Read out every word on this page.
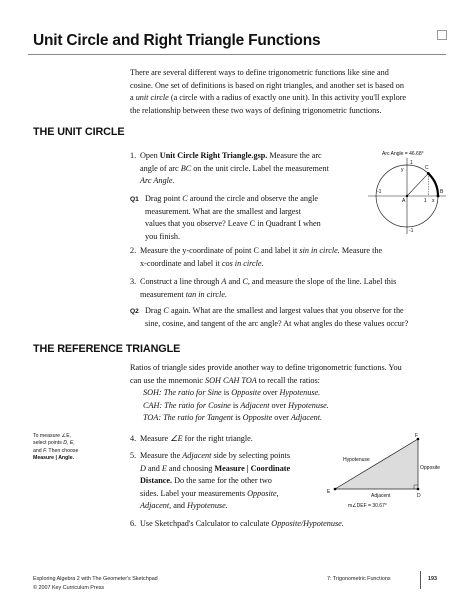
Unit Circle and Right Triangle Functions
There are several different ways to define trigonometric functions like sine and
cosine. One set of definitions is based on right triangles, and another set is based on
a unit circle (a circle with a radius of exactly one unit). In this activity you'll explore
the relationship between these two ways of defining trigonometric functions.
THE UNIT CIRCLE
1. Open Unit Circle Right Triangle.gsp. Measure the arc
angle of arc BC on the unit circle. Label the measurement
Arc Angle.
Q1 Drag point C around the circle and observe the angle
measurement. What are the smallest and largest
values that you observe? Leave C in Quadrant I when
you finish.
Arc Angle = 46.68°
C
B
A	x
y
1
-1
1
-1
2. Measure the y-coordinate of point C and label it sin in circle. Measure the
x-coordinate and label it cos in circle.
3. Construct a line through A and C, and measure the slope of the line. Label this
measurement tan in circle.
Q2 Drag C again. What are the smallest and largest values that you observe for the
sine, cosine, and tangent of the arc angle? At what angles do these values occur?
THE REFERENCE TRIANGLE
Ratios of triangle sides provide another way to define trigonometric functions. You
can use the mnemonic SOH CAH TOA to recall the ratios:
SOH: The ratio for Sine is Opposite over Hypotenuse.
CAH: The ratio for Cosine is Adjacent over Hypotenuse.
TOA: The ratio for Tangent is Opposite over Adjacent.
To measure ∠E,
select points D, E,
and F. Then choose
Measure | Angle.
4. Measure ∠E for the right triangle.
5. Measure the Adjacent side by selecting points
D and E and choosing Measure | Coordinate
Distance. Do the same for the other two
sides. Label your measurements Opposite,
Adjacent, and Hypotenuse.
F
E
D
Hypotenuse
Opposite
Adjacent
m∠DEF = 30.67°
6. Use Sketchpad's Calculator to calculate Opposite/Hypotenuse.
Exploring Algebra 2 with The Geometer's Sketchpad
© 2007 Key Curriculum Press
7: Trigonometric Functions	193
